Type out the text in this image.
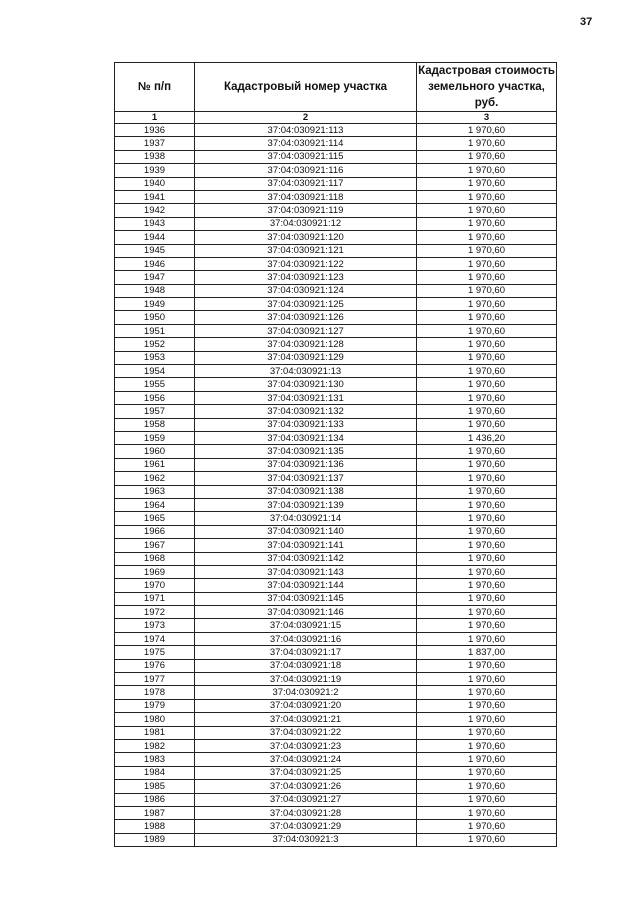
37
№ п/п	Кадастровый номер участка	Кадастровая стоимость земельного участка, руб.
1	2	3
1936	37:04:030921:113	1 970,60
1937	37:04:030921:114	1 970,60
1938	37:04:030921:115	1 970,60
1939	37:04:030921:116	1 970,60
1940	37:04:030921:117	1 970,60
1941	37:04:030921:118	1 970,60
1942	37:04:030921:119	1 970,60
1943	37:04:030921:12	1 970,60
1944	37:04:030921:120	1 970,60
1945	37:04:030921:121	1 970,60
1946	37:04:030921:122	1 970,60
1947	37:04:030921:123	1 970,60
1948	37:04:030921:124	1 970,60
1949	37:04:030921:125	1 970,60
1950	37:04:030921:126	1 970,60
1951	37:04:030921:127	1 970,60
1952	37:04:030921:128	1 970,60
1953	37:04:030921:129	1 970,60
1954	37:04:030921:13	1 970,60
1955	37:04:030921:130	1 970,60
1956	37:04:030921:131	1 970,60
1957	37:04:030921:132	1 970,60
1958	37:04:030921:133	1 970,60
1959	37:04:030921:134	1 436,20
1960	37:04:030921:135	1 970,60
1961	37:04:030921:136	1 970,60
1962	37:04:030921:137	1 970,60
1963	37:04:030921:138	1 970,60
1964	37:04:030921:139	1 970,60
1965	37:04:030921:14	1 970,60
1966	37:04:030921:140	1 970,60
1967	37:04:030921:141	1 970,60
1968	37:04:030921:142	1 970,60
1969	37:04:030921:143	1 970,60
1970	37:04:030921:144	1 970,60
1971	37:04:030921:145	1 970,60
1972	37:04:030921:146	1 970,60
1973	37:04:030921:15	1 970,60
1974	37:04:030921:16	1 970,60
1975	37:04:030921:17	1 837,00
1976	37:04:030921:18	1 970,60
1977	37:04:030921:19	1 970,60
1978	37:04:030921:2	1 970,60
1979	37:04:030921:20	1 970,60
1980	37:04:030921:21	1 970,60
1981	37:04:030921:22	1 970,60
1982	37:04:030921:23	1 970,60
1983	37:04:030921:24	1 970,60
1984	37:04:030921:25	1 970,60
1985	37:04:030921:26	1 970,60
1986	37:04:030921:27	1 970,60
1987	37:04:030921:28	1 970,60
1988	37:04:030921:29	1 970,60
1989	37:04:030921:3	1 970,60
